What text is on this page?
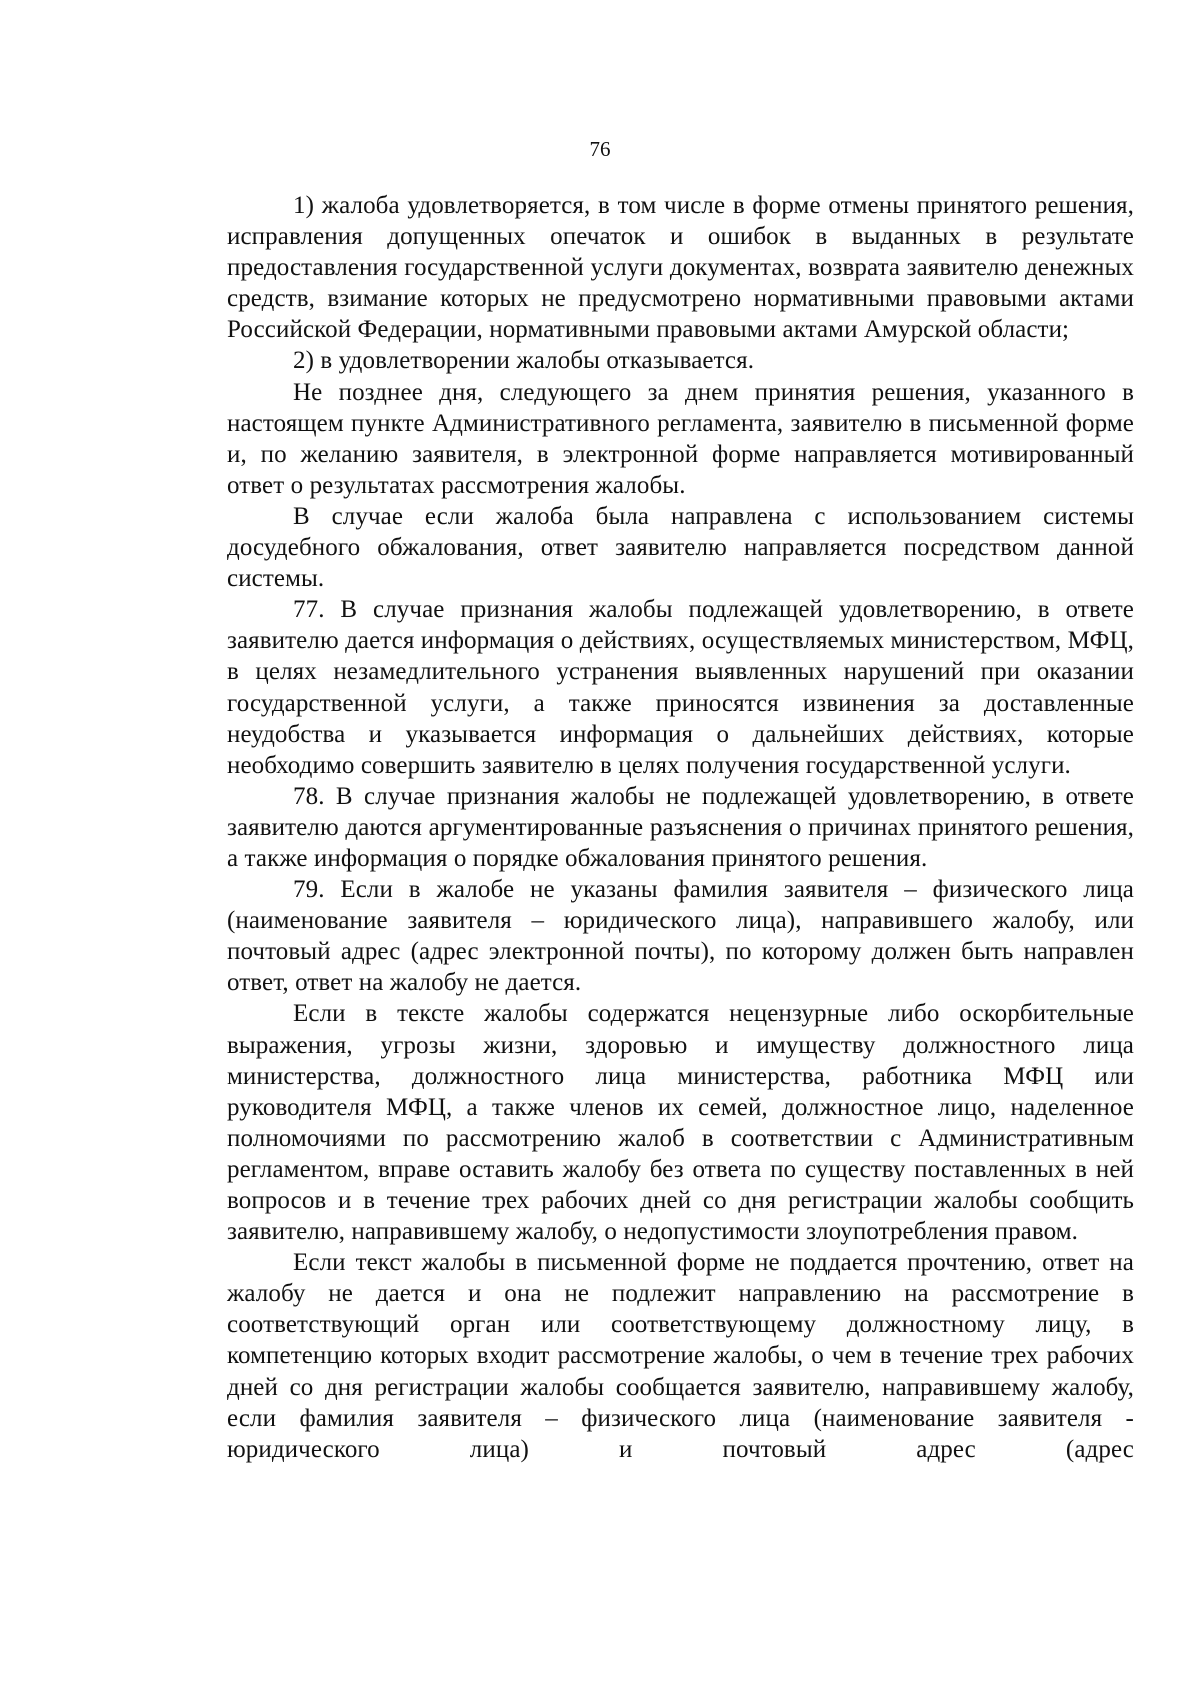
76

1) жалоба удовлетворяется, в том числе в форме отмены принятого решения, исправления допущенных опечаток и ошибок в выданных в результате предоставления государственной услуги документах, возврата заявителю денежных средств, взимание которых не предусмотрено нормативными правовыми актами Российской Федерации, нормативными правовыми актами Амурской области;

2) в удовлетворении жалобы отказывается.

Не позднее дня, следующего за днем принятия решения, указанного в настоящем пункте Административного регламента, заявителю в письменной форме и, по желанию заявителя, в электронной форме направляется мотивированный ответ о результатах рассмотрения жалобы.

В случае если жалоба была направлена с использованием системы досудебного обжалования, ответ заявителю направляется посредством данной системы.

77. В случае признания жалобы подлежащей удовлетворению, в ответе заявителю дается информация о действиях, осуществляемых министерством, МФЦ, в целях незамедлительного устранения выявленных нарушений при оказании государственной услуги, а также приносятся извинения за доставленные неудобства и указывается информация о дальнейших действиях, которые необходимо совершить заявителю в целях получения государственной услуги.

78. В случае признания жалобы не подлежащей удовлетворению, в ответе заявителю даются аргументированные разъяснения о причинах принятого решения, а также информация о порядке обжалования принятого решения.

79. Если в жалобе не указаны фамилия заявителя – физического лица (наименование заявителя – юридического лица), направившего жалобу, или почтовый адрес (адрес электронной почты), по которому должен быть направлен ответ, ответ на жалобу не дается.

Если в тексте жалобы содержатся нецензурные либо оскорбительные выражения, угрозы жизни, здоровью и имуществу должностного лица министерства, должностного лица министерства, работника МФЦ или руководителя МФЦ, а также членов их семей, должностное лицо, наделенное полномочиями по рассмотрению жалоб в соответствии с Административным регламентом, вправе оставить жалобу без ответа по существу поставленных в ней вопросов и в течение трех рабочих дней со дня регистрации жалобы сообщить заявителю, направившему жалобу, о недопустимости злоупотребления правом.

Если текст жалобы в письменной форме не поддается прочтению, ответ на жалобу не дается и она не подлежит направлению на рассмотрение в соответствующий орган или соответствующему должностному лицу, в компетенцию которых входит рассмотрение жалобы, о чем в течение трех рабочих дней со дня регистрации жалобы сообщается заявителю, направившему жалобу, если фамилия заявителя – физического лица (наименование заявителя - юридического лица) и почтовый адрес (адрес
